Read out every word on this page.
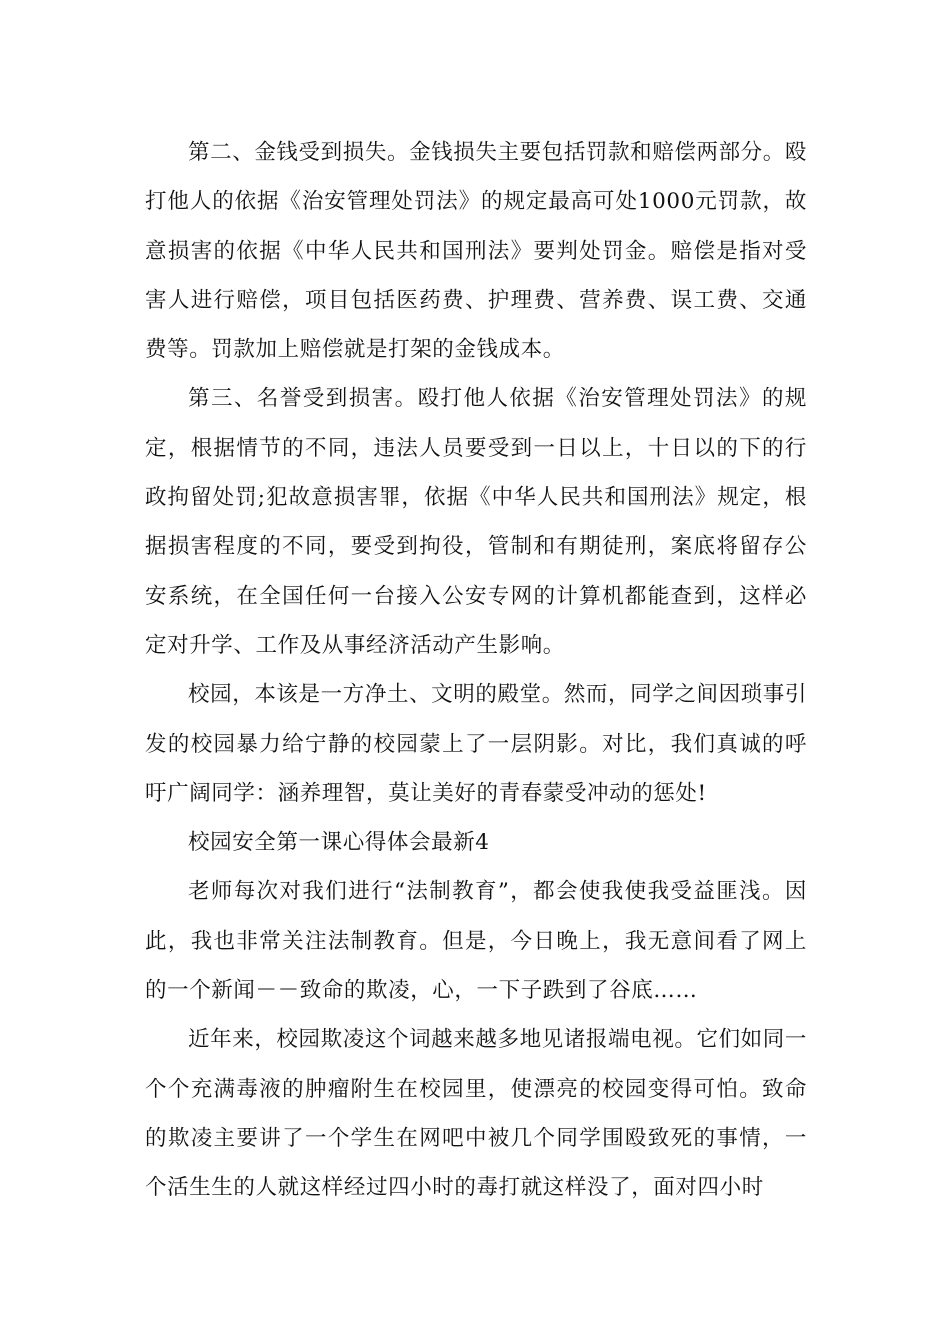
第二、金钱受到损失。金钱损失主要包括罚款和赔偿两部分。殴打他人的依据《治安管理处罚法》的规定最高可处1000元罚款，故意损害的依据《中华人民共和国刑法》要判处罚金。赔偿是指对受害人进行赔偿，项目包括医药费、护理费、营养费、误工费、交通费等。罚款加上赔偿就是打架的金钱成本。

第三、名誉受到损害。殴打他人依据《治安管理处罚法》的规定，根据情节的不同，违法人员要受到一日以上，十日以的下的行政拘留处罚;犯故意损害罪，依据《中华人民共和国刑法》规定，根据损害程度的不同，要受到拘役，管制和有期徒刑，案底将留存公安系统，在全国任何一台接入公安专网的计算机都能查到，这样必定对升学、工作及从事经济活动产生影响。

校园，本该是一方净土、文明的殿堂。然而，同学之间因琐事引发的校园暴力给宁静的校园蒙上了一层阴影。对比，我们真诚的呼吁广阔同学：涵养理智，莫让美好的青春蒙受冲动的惩处!

校园安全第一课心得体会最新4

老师每次对我们进行“法制教育”，都会使我使我受益匪浅。因此，我也非常关注法制教育。但是，今日晚上，我无意间看了网上的一个新闻－－致命的欺凌，心，一下子跌到了谷底……

近年来，校园欺凌这个词越来越多地见诸报端电视。它们如同一个个充满毒液的肿瘤附生在校园里，使漂亮的校园变得可怕。致命的欺凌主要讲了一个学生在网吧中被几个同学围殴致死的事情，一个活生生的人就这样经过四小时的毒打就这样没了，面对四小时
